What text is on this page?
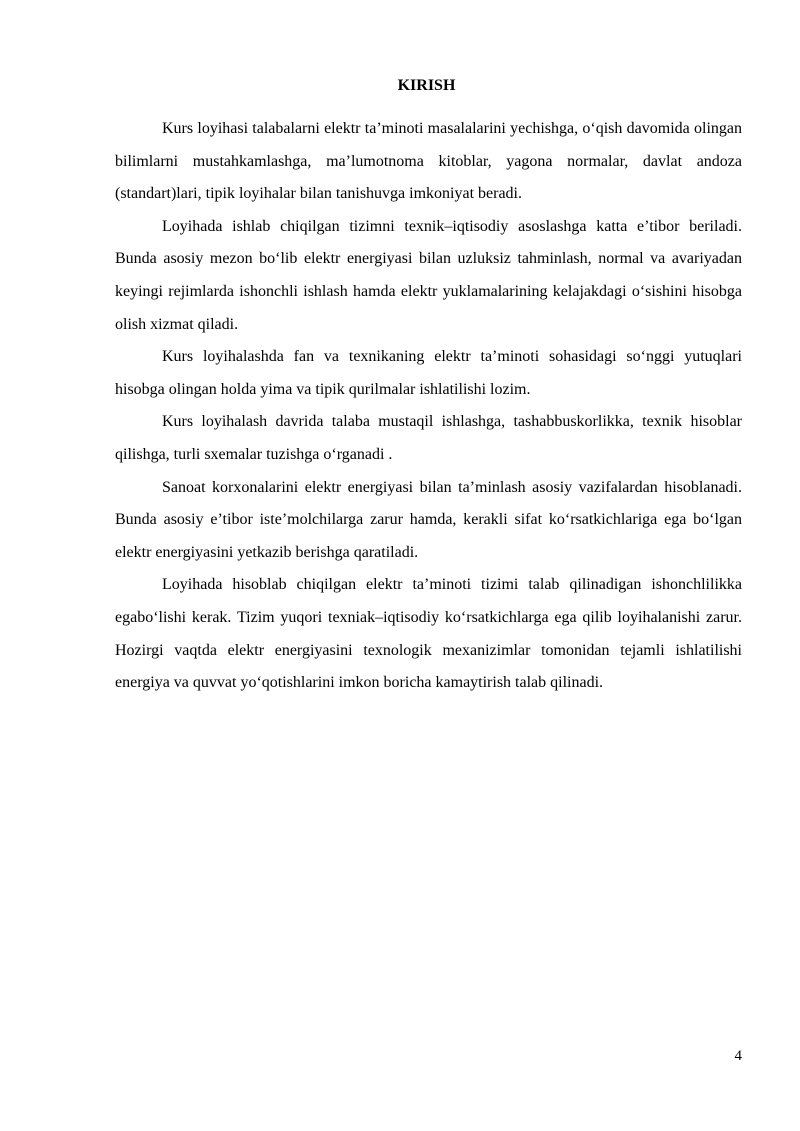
KIRISH

Kurs loyihasi talabalarni elektr ta’minoti masalalarini yechishga, o‘qish davomida olingan bilimlarni mustahkamlashga, ma’lumotnoma kitoblar, yagona normalar, davlat andoza (standart)lari, tipik loyihalar bilan tanishuvga imkoniyat beradi.

Loyihada ishlab chiqilgan tizimni texnik–iqtisodiy asoslashga katta e’tibor beriladi. Bunda asosiy mezon bo‘lib elektr energiyasi bilan uzluksiz tahminlash, normal va avariyadan keyingi rejimlarda ishonchli ishlash hamda elektr yuklamalarining kelajakdagi o‘sishini hisobga olish xizmat qiladi.

Kurs loyihalashda fan va texnikaning elektr ta’minoti sohasidagi so‘nggi yutuqlari hisobga olingan holda yima va tipik qurilmalar ishlatilishi lozim.

Kurs loyihalash davrida talaba mustaqil ishlashga, tashabbuskorlikka, texnik hisoblar qilishga, turli sxemalar tuzishga o‘rganadi .

Sanoat korxonalarini elektr energiyasi bilan ta’minlash asosiy vazifalardan hisoblanadi. Bunda asosiy e’tibor iste’molchilarga zarur hamda, kerakli sifat ko‘rsatkichlariga ega bo‘lgan elektr energiyasini yetkazib berishga qaratiladi.

Loyihada hisoblab chiqilgan elektr ta’minoti tizimi talab qilinadigan ishonchlilikka egabo‘lishi kerak. Tizim yuqori texniak–iqtisodiy ko‘rsatkichlarga ega qilib loyihalanishi zarur. Hozirgi vaqtda elektr energiyasini texnologik mexanizimlar tomonidan tejamli ishlatilishi energiya va quvvat yo‘qotishlarini imkon boricha kamaytirish talab qilinadi.

4
